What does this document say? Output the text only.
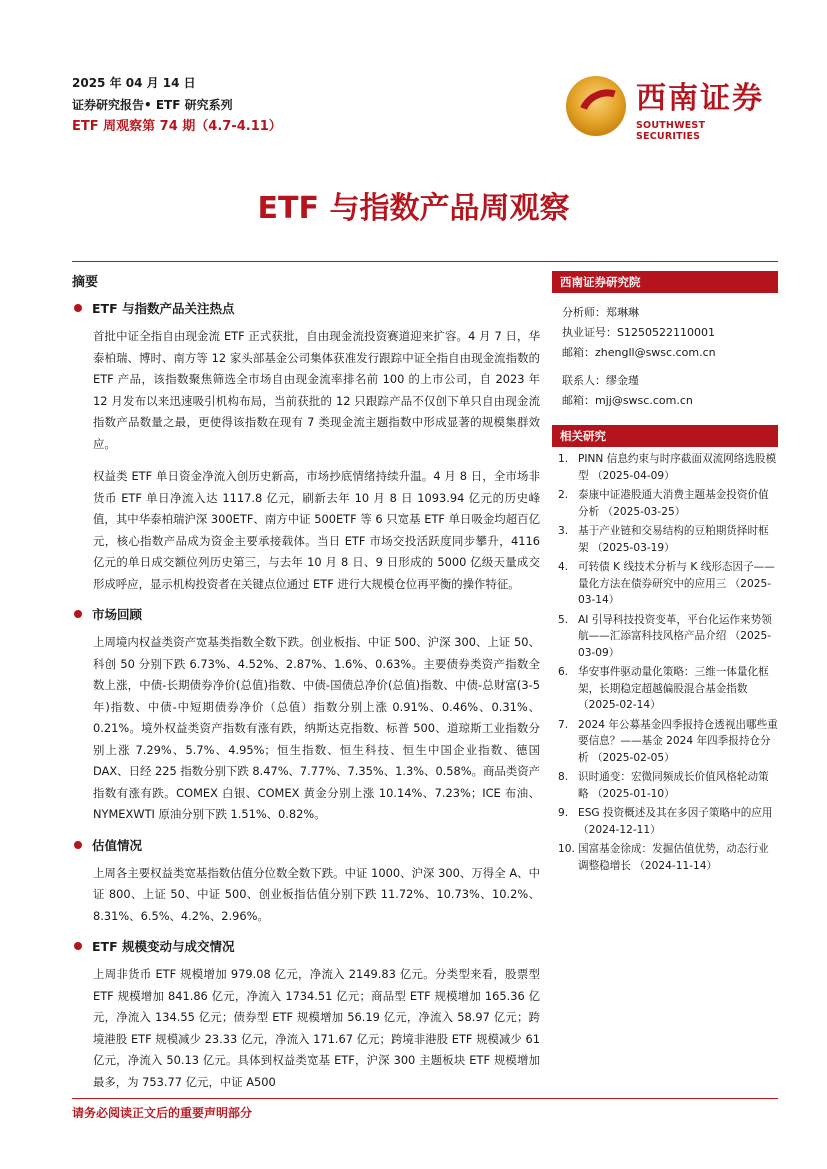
2025 年 04 月 14 日
证券研究报告• ETF 研究系列
ETF 周观察第 74 期（4.7-4.11）
西南证券
SOUTHWEST SECURITIES
ETF 与指数产品周观察
摘要
ETF 与指数产品关注热点

首批中证全指自由现金流 ETF 正式获批，自由现金流投资赛道迎来扩容。4 月 7 日，华泰柏瑞、博时、南方等 12 家头部基金公司集体获准发行跟踪中证全指自由现金流指数的 ETF 产品，该指数聚焦筛选全市场自由现金流率排名前 100 的上市公司，自 2023 年 12 月发布以来迅速吸引机构布局，当前获批的 12 只跟踪产品不仅创下单只自由现金流指数产品数量之最，更使得该指数在现有 7 类现金流主题指数中形成显著的规模集群效应。

权益类 ETF 单日资金净流入创历史新高，市场抄底情绪持续升温。4 月 8 日，全市场非货币 ETF 单日净流入达 1117.8 亿元，刷新去年 10 月 8 日 1093.94 亿元的历史峰值，其中华泰柏瑞沪深 300ETF、南方中证 500ETF 等 6 只宽基 ETF 单日吸金均超百亿元，核心指数产品成为资金主要承接载体。当日 ETF 市场交投活跃度同步攀升，4116 亿元的单日成交额位列历史第三，与去年 10 月 8 日、9 日形成的 5000 亿级天量成交形成呼应，显示机构投资者在关键点位通过 ETF 进行大规模仓位再平衡的操作特征。

市场回顾

上周境内权益类资产宽基类指数全数下跌。创业板指、中证 500、沪深 300、上证 50、科创 50 分别下跌 6.73%、4.52%、2.87%、1.6%、0.63%。主要债券类资产指数全数上涨，中债-长期债券净价(总值)指数、中债-国债总净价(总值)指数、中债-总财富(3-5 年)指数、中债-中短期债券净价（总值）指数分别上涨 0.91%、0.46%、0.31%、0.21%。境外权益类资产指数有涨有跌，纳斯达克指数、标普 500、道琼斯工业指数分别上涨 7.29%、5.7%、4.95%；恒生指数、恒生科技、恒生中国企业指数、德国 DAX、日经 225 指数分别下跌 8.47%、7.77%、7.35%、1.3%、0.58%。商品类资产指数有涨有跌。COMEX 白银、COMEX 黄金分别上涨 10.14%、7.23%；ICE 布油、NYMEXWTI 原油分别下跌 1.51%、0.82%。

估值情况

上周各主要权益类宽基指数估值分位数全数下跌。中证 1000、沪深 300、万得全 A、中证 800、上证 50、中证 500、创业板指估值分别下跌 11.72%、10.73%、10.2%、8.31%、6.5%、4.2%、2.96%。

ETF 规模变动与成交情况

上周非货币 ETF 规模增加 979.08 亿元，净流入 2149.83 亿元。分类型来看，股票型 ETF 规模增加 841.86 亿元，净流入 1734.51 亿元；商品型 ETF 规模增加 165.36 亿元，净流入 134.55 亿元；债券型 ETF 规模增加 56.19 亿元，净流入 58.97 亿元；跨境港股 ETF 规模减少 23.33 亿元，净流入 171.67 亿元；跨境非港股 ETF 规模减少 61 亿元，净流入 50.13 亿元。具体到权益类宽基 ETF，沪深 300 主题板块 ETF 规模增加最多，为 753.77 亿元，中证 A500

西南证券研究院
分析师：郑琳琳
执业证号：S1250522110001
邮箱：zhengll@swsc.com.cn
联系人：缪金瑾
邮箱：mjj@swsc.com.cn
相关研究
1. PINN 信息约束与时序截面双流网络选股模型 （2025-04-09）
2. 泰康中证港股通大消费主题基金投资价值分析 （2025-03-25）
3. 基于产业链和交易结构的豆粕期货择时框架 （2025-03-19）
4. 可转债 K 线技术分析与 K 线形态因子——量化方法在债券研究中的应用三 （2025-03-14）
5. AI 引导科技投资变革，平台化运作来势领航——汇添富科技风格产品介绍 （2025-03-09）
6. 华安事件驱动量化策略：三维一体量化框架，长期稳定超越偏股混合基金指数 （2025-02-14）
7. 2024 年公募基金四季报持仓透视出哪些重要信息？——基金 2024 年四季报持仓分析 （2025-02-05）
8. 识时通变：宏微同频成长价值风格轮动策略 （2025-01-10）
9. ESG 投资概述及其在多因子策略中的应用 （2024-12-11）
10. 国富基金徐成：发掘估值优势，动态行业调整稳增长 （2024-11-14）
请务必阅读正文后的重要声明部分
